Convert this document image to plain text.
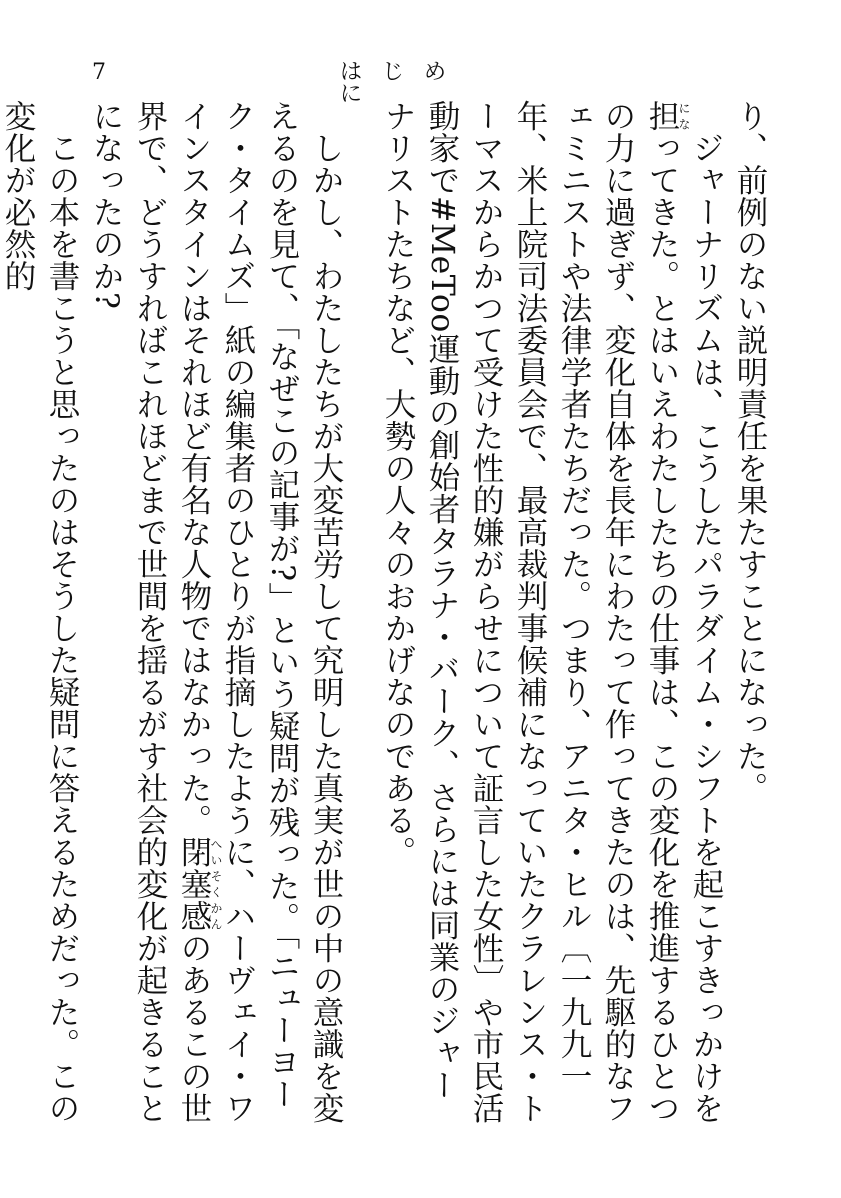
7	はじめに

り、前例のない説明責任を果たすことになった。

ジャーナリズムは、こうしたパラダイム・シフトを起こすきっかけを担になってきた。とはいえわたしたちの仕事は、この変化を推進するひとつの力に過ぎず、変化自体を長年にわたって作ってきたのは、先駆的なフェミニストや法律学者たちだった。つまり、アニタ・ヒル〔一九九一年、米上院司法委員会で、最高裁判事候補になっていたクラレンス・トーマスからかつて受けた性的嫌がらせについて証言した女性〕や市民活動家で#MeToo運動の創始者タラナ・バーク、さらには同業のジャーナリストたちなど、大勢の人々のおかげなのである。

しかし、わたしたちが大変苦労して究明した真実が世の中の意識を変えるのを見て、「なぜこの記事が?」という疑問が残った。「ニューヨーク・タイムズ」紙の編集者のひとりが指摘したように、ハーヴェイ・ワインスタインはそれほど有名な人物ではなかった。閉塞感へいそくかんのあるこの世界で、どうすればこれほどまで世間を揺るがす社会的変化が起きることになったのか?

この本を書こうと思ったのはそうした疑問に答えるためだった。この変化が必然的
